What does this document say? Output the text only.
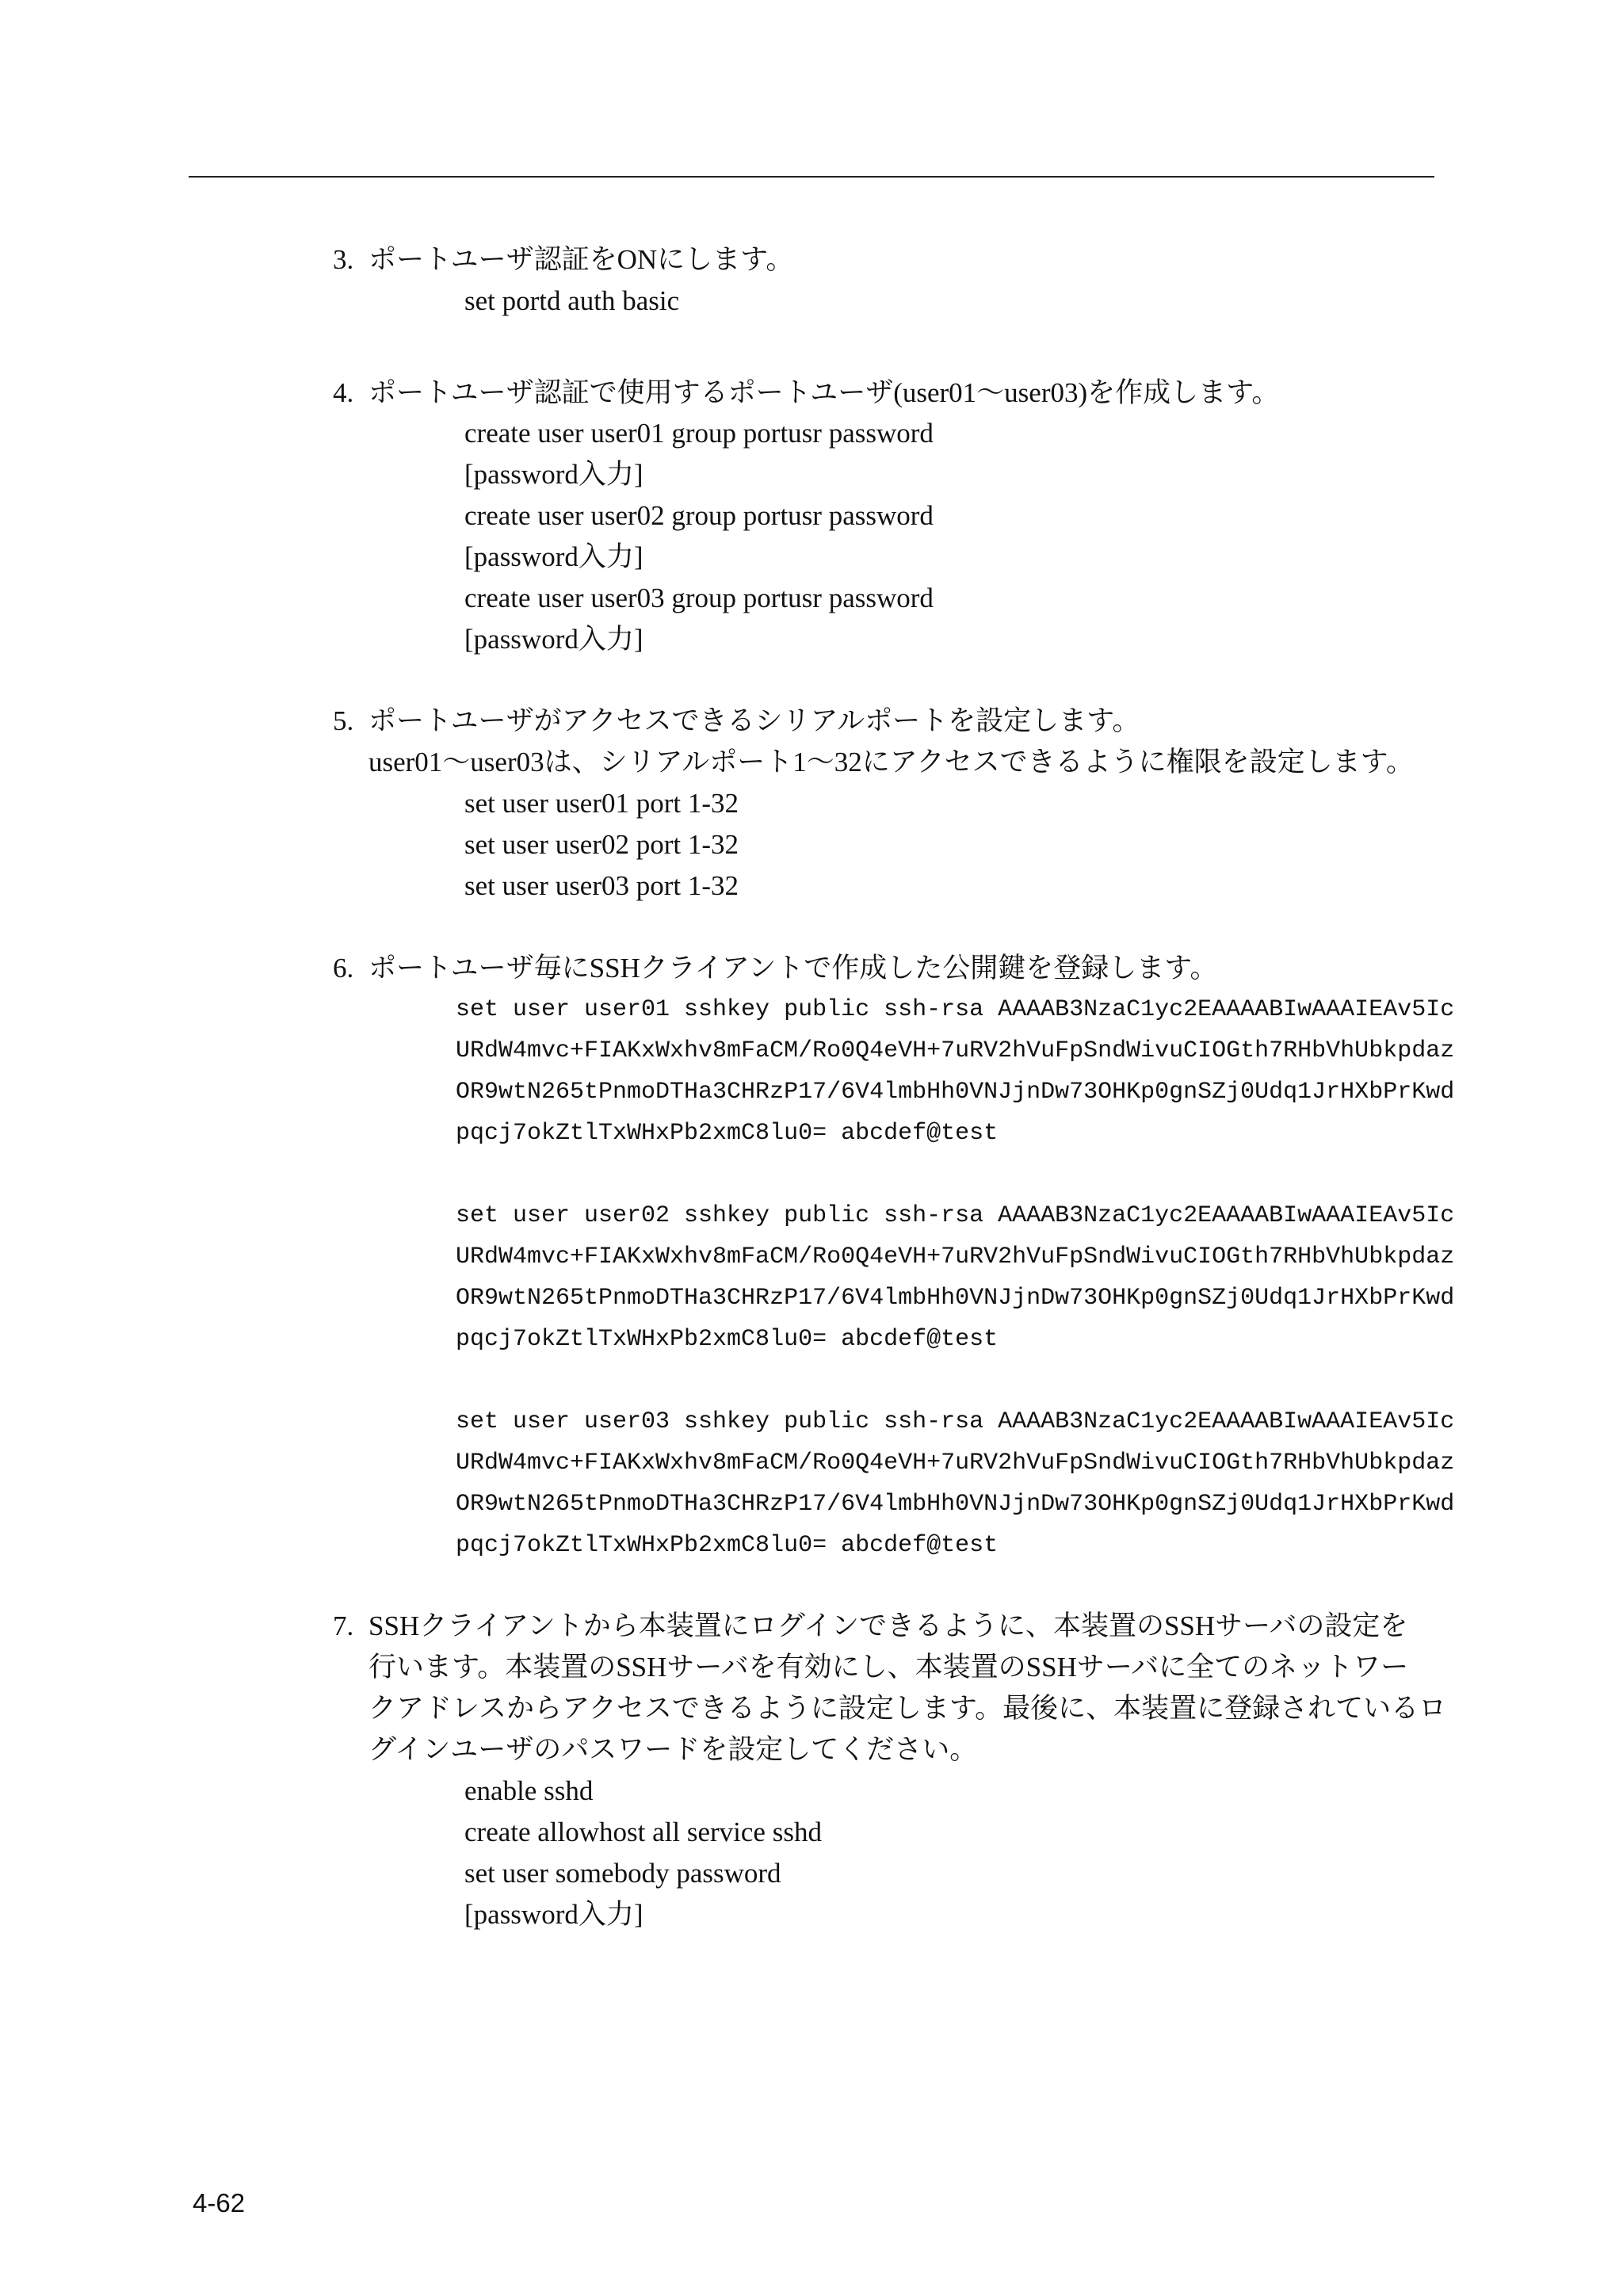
3. ポートユーザ認証をONにします。
set portd auth basic
4. ポートユーザ認証で使用するポートユーザ(user01～user03)を作成します。
create user user01 group portusr password
[password入力]
create user user02 group portusr password
[password入力]
create user user03 group portusr password
[password入力]
5. ポートユーザがアクセスできるシリアルポートを設定します。
user01～user03は、シリアルポート1～32にアクセスできるように権限を設定します。
set user user01 port 1-32
set user user02 port 1-32
set user user03 port 1-32
6. ポートユーザ毎にSSHクライアントで作成した公開鍵を登録します。
set user user01 sshkey public ssh-rsa AAAAB3NzaC1yc2EAAAABIwAAAIEAv5Ic
URdW4mvc+FIAKxWxhv8mFaCM/Ro0Q4eVH+7uRV2hVuFpSndWivuCIOGth7RHbVhUbkpdaz
OR9wtN265tPnmoDTHa3CHRzP17/6V4lmbHh0VNJjnDw73OHKp0gnSZj0Udq1JrHXbPrKwd
pqcj7okZtlTxWHxPb2xmC8lu0= abcdef@test
set user user02 sshkey public ssh-rsa AAAAB3NzaC1yc2EAAAABIwAAAIEAv5Ic
URdW4mvc+FIAKxWxhv8mFaCM/Ro0Q4eVH+7uRV2hVuFpSndWivuCIOGth7RHbVhUbkpdaz
OR9wtN265tPnmoDTHa3CHRzP17/6V4lmbHh0VNJjnDw73OHKp0gnSZj0Udq1JrHXbPrKwd
pqcj7okZtlTxWHxPb2xmC8lu0= abcdef@test
set user user03 sshkey public ssh-rsa AAAAB3NzaC1yc2EAAAABIwAAAIEAv5Ic
URdW4mvc+FIAKxWxhv8mFaCM/Ro0Q4eVH+7uRV2hVuFpSndWivuCIOGth7RHbVhUbkpdaz
OR9wtN265tPnmoDTHa3CHRzP17/6V4lmbHh0VNJjnDw73OHKp0gnSZj0Udq1JrHXbPrKwd
pqcj7okZtlTxWHxPb2xmC8lu0= abcdef@test
7. SSHクライアントから本装置にログインできるように、本装置のSSHサーバの設定を
行います。本装置のSSHサーバを有効にし、本装置のSSHサーバに全てのネットワー
クアドレスからアクセスできるように設定します。最後に、本装置に登録されているロ
グインユーザのパスワードを設定してください。
enable sshd
create allowhost all service sshd
set user somebody password
[password入力]
4-62
